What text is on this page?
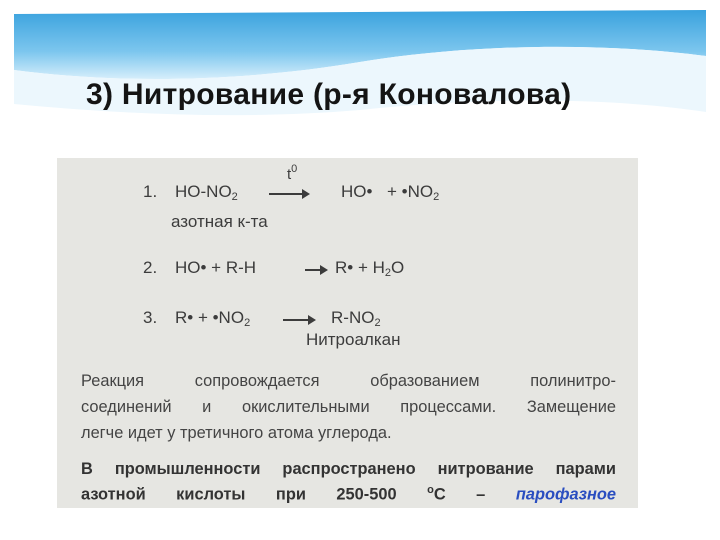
3) Нитрование (р-я Коновалова)
1. $HO-NO_2$
$t^0$
HO• + $•NO_2$
азотная к-та
2. HO• + R-H	R• + $H_2O$
3. R• + $•NO_2 \to R-NO_2$
Нитроалкан
Реакция сопровождается образованием полинитро-
соединений и окислительными процессами. Замещение
легче идет у третичного атома углерода.
В промышленности распространено нитрование парами
азотной кислоты при 250-500	$^о$С – парофазное
